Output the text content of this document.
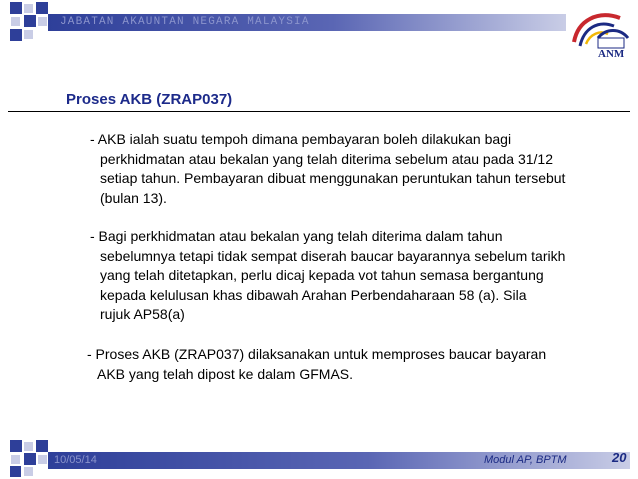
JABATAN AKAUNTAN NEGARA MALAYSIA
ANM
Proses AKB (ZRAP037)
- AKB ialah suatu tempoh dimana pembayaran boleh dilakukan bagi
perkhidmatan atau bekalan yang telah diterima sebelum atau pada 31/12
setiap tahun. Pembayaran dibuat menggunakan peruntukan tahun tersebut
(bulan 13).
- Bagi perkhidmatan atau bekalan yang telah diterima dalam tahun
sebelumnya tetapi tidak sempat diserah baucar bayarannya sebelum tarikh
yang telah ditetapkan, perlu dicaj kepada vot tahun semasa bergantung
kepada kelulusan khas dibawah Arahan Perbendaharaan 58 (a). Sila
rujuk AP58(a)
- Proses AKB (ZRAP037) dilaksanakan untuk memproses baucar bayaran
AKB yang telah dipost ke dalam GFMAS.
10/05/14	Modul AP, BPTM	20
